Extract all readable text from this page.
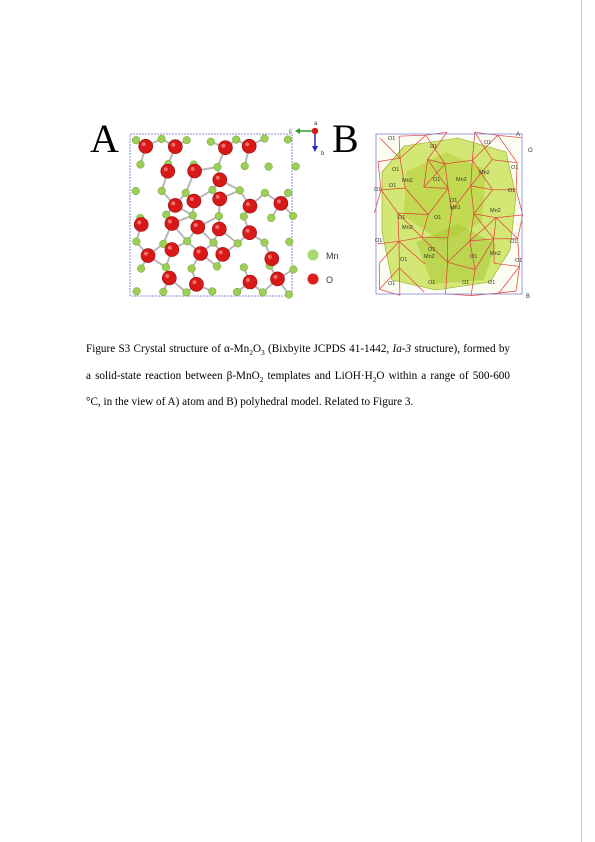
A	c
a
b
Mn
O
B	O1
O1
O1
O1
Mn2	O1	Mn2
Mn2
O1
O1
O1
O1
Mn1	Mn2
O1
O1	O1
Mn2
O1
O1
O1	Mn2	O1 Mn2
O1
O1
O1	O1	O1	O1
A
O
B

Figure S3 Crystal structure of $\alpha-Mn_2O_3$ (Bixbyite JCPDS 41-1442, Ia-3 structure), formed by a solid-state reaction between β-MnO$_2$ templates and $LiOH\cdot H_2O$ within a range of 500-600 °C, in the view of A) atom and B) polyhedral model. Related to Figure 3.
